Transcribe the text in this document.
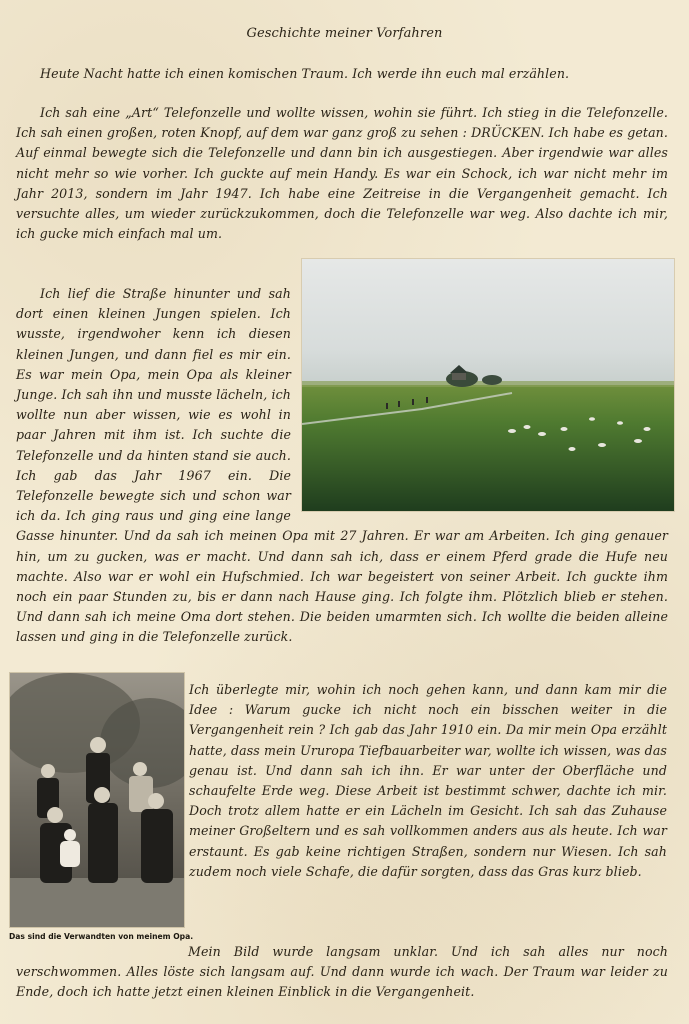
Geschichte meiner Vorfahren

Heute Nacht hatte ich einen komischen Traum. Ich werde ihn euch mal erzählen.

Ich sah eine „Art“ Telefonzelle und wollte wissen, wohin sie führt. Ich stieg in die Telefonzelle. Ich sah einen großen, roten Knopf, auf dem war ganz groß zu sehen : DRÜCKEN. Ich habe es getan. Auf einmal bewegte sich die Telefonzelle und dann bin ich ausgestiegen. Aber irgendwie war alles nicht mehr so wie vorher. Ich guckte auf mein Handy. Es war ein Schock, ich war nicht mehr im Jahr 2013, sondern im Jahr 1947. Ich habe eine Zeitreise in die Vergangenheit gemacht. Ich versuchte alles, um wieder zurückzukommen, doch die Telefonzelle war weg. Also dachte ich mir, ich gucke mich einfach mal um.

Ich lief die Straße hinunter und sah dort einen kleinen Jungen spielen. Ich wusste, irgendwoher kenn ich diesen kleinen Jungen, und dann fiel es mir ein. Es war mein Opa, mein Opa als kleiner Junge. Ich sah ihn und musste lächeln, ich wollte nun aber wissen, wie es wohl in paar Jahren mit ihm ist. Ich suchte die Telefonzelle und da hinten stand sie auch. Ich gab das Jahr 1967 ein. Die Telefonzelle bewegte sich und schon war ich da. Ich ging raus und ging eine lange Gasse hinunter. Und da sah ich meinen Opa mit 27 Jahren. Er war am Arbeiten. Ich ging genauer hin, um zu gucken, was er macht. Und dann sah ich, dass er einem Pferd grade die Hufe neu machte. Also war er wohl ein Hufschmied. Ich war begeistert von seiner Arbeit. Ich guckte ihm noch ein paar Stunden zu, bis er dann nach Hause ging. Ich folgte ihm. Plötzlich blieb er stehen. Und dann sah ich meine Oma dort stehen. Die beiden umarmten sich. Ich wollte die beiden alleine lassen und ging in die Telefonzelle zurück.

Das sind die Verwandten von meinem Opa.

Ich überlegte mir, wohin ich noch gehen kann, und dann kam mir die Idee : Warum gucke ich nicht noch ein bisschen weiter in die Vergangenheit rein ? Ich gab das Jahr 1910 ein. Da mir mein Opa erzählt hatte, dass mein Ururopa Tiefbauarbeiter war, wollte ich wissen, was das genau ist. Und dann sah ich ihn. Er war unter der Oberfläche und schaufelte Erde weg. Diese Arbeit ist bestimmt schwer, dachte ich mir. Doch trotz allem hatte er ein Lächeln im Gesicht. Ich sah das Zuhause meiner Großeltern und es sah vollkommen anders aus als heute. Ich war erstaunt. Es gab keine richtigen Straßen, sondern nur Wiesen. Ich sah zudem noch viele Schafe, die dafür sorgten, dass das Gras kurz blieb.

Mein Bild wurde langsam unklar. Und ich sah alles nur noch verschwommen. Alles löste sich langsam auf. Und dann wurde ich wach. Der Traum war leider zu Ende, doch ich hatte jetzt einen kleinen Einblick in die Vergangenheit.
